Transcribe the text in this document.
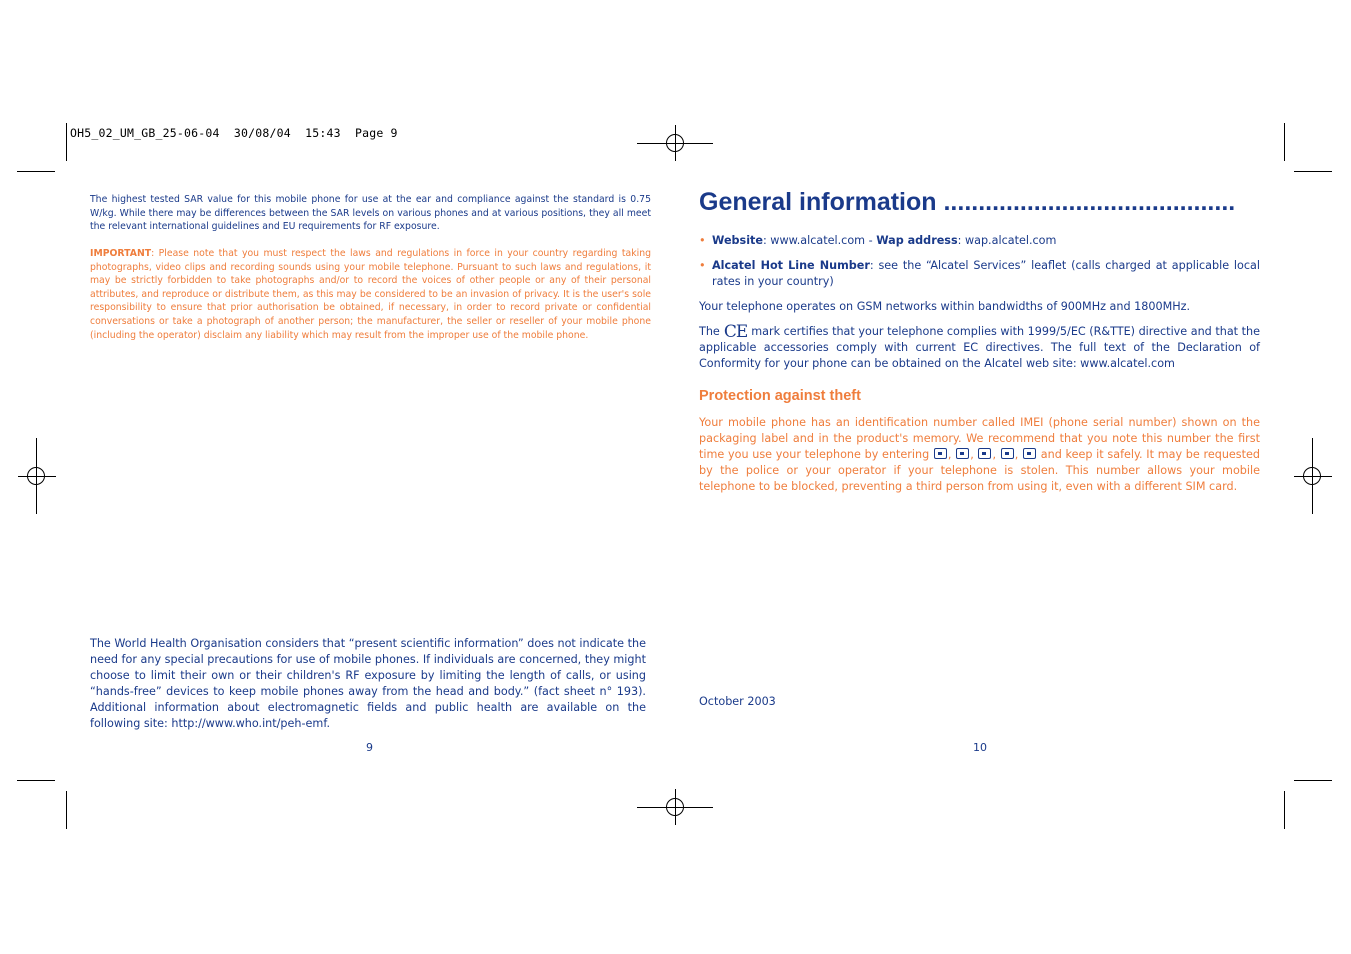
OH5_02_UM_GB_25-06-04  30/08/04  15:43  Page 9

The highest tested SAR value for this mobile phone for use at the ear and compliance against the standard is 0.75 W/kg. While there may be differences between the SAR levels on various phones and at various positions, they all meet the relevant international guidelines and EU requirements for RF exposure.

IMPORTANT: Please note that you must respect the laws and regulations in force in your country regarding taking photographs, video clips and recording sounds using your mobile telephone. Pursuant to such laws and regulations, it may be strictly forbidden to take photographs and/or to record the voices of other people or any of their personal attributes, and reproduce or distribute them, as this may be considered to be an invasion of privacy. It is the user's sole responsibility to ensure that prior authorisation be obtained, if necessary, in order to record private or confidential conversations or take a photograph of another person; the manufacturer, the seller or reseller of your mobile phone (including the operator) disclaim any liability which may result from the improper use of the mobile phone.

The World Health Organisation considers that “present scientific information” does not indicate the need for any special precautions for use of mobile phones. If individuals are concerned, they might choose to limit their own or their children's RF exposure by limiting the length of calls, or using “hands-free” devices to keep mobile phones away from the head and body.” (fact sheet n° 193). Additional information about electromagnetic fields and public health are available on the following site: http://www.who.int/peh-emf.

9
General information ..........................................
• Website: www.alcatel.com - Wap address: wap.alcatel.com
• Alcatel Hot Line Number: see the “Alcatel Services” leaflet (calls charged at applicable local rates in your country)

Your telephone operates on GSM networks within bandwidths of 900MHz and 1800MHz.

The CE mark certifies that your telephone complies with 1999/5/EC (R&TTE) directive and that the applicable accessories comply with current EC directives. The full text of the Declaration of Conformity for your phone can be obtained on the Alcatel web site: www.alcatel.com

Protection against theft

Your mobile phone has an identification number called IMEI (phone serial number) shown on the packaging label and in the product's memory. We recommend that you note this number the first time you use your telephone by entering , , , ,  and keep it safely. It may be requested by the police or your operator if your telephone is stolen. This number allows your mobile telephone to be blocked, preventing a third person from using it, even with a different SIM card.

October 2003
10
